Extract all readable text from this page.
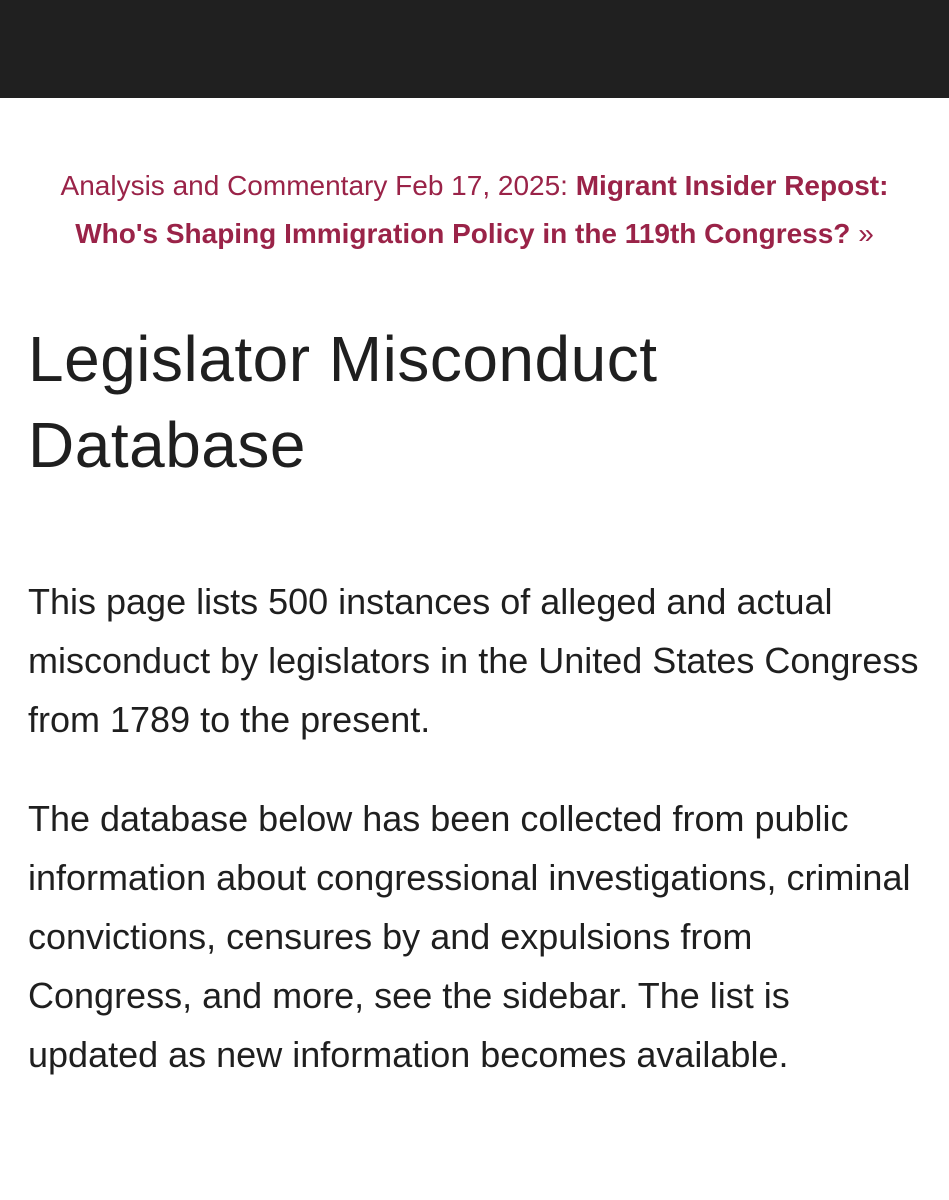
Analysis and Commentary Feb 17, 2025: Migrant Insider Repost: Who's Shaping Immigration Policy in the 119th Congress? »
Legislator Misconduct Database

This page lists 500 instances of alleged and actual misconduct by legislators in the United States Congress from 1789 to the present.

The database below has been collected from public information about congressional investigations, criminal convictions, censures by and expulsions from Congress, and more, see the sidebar. The list is updated as new information becomes available.
